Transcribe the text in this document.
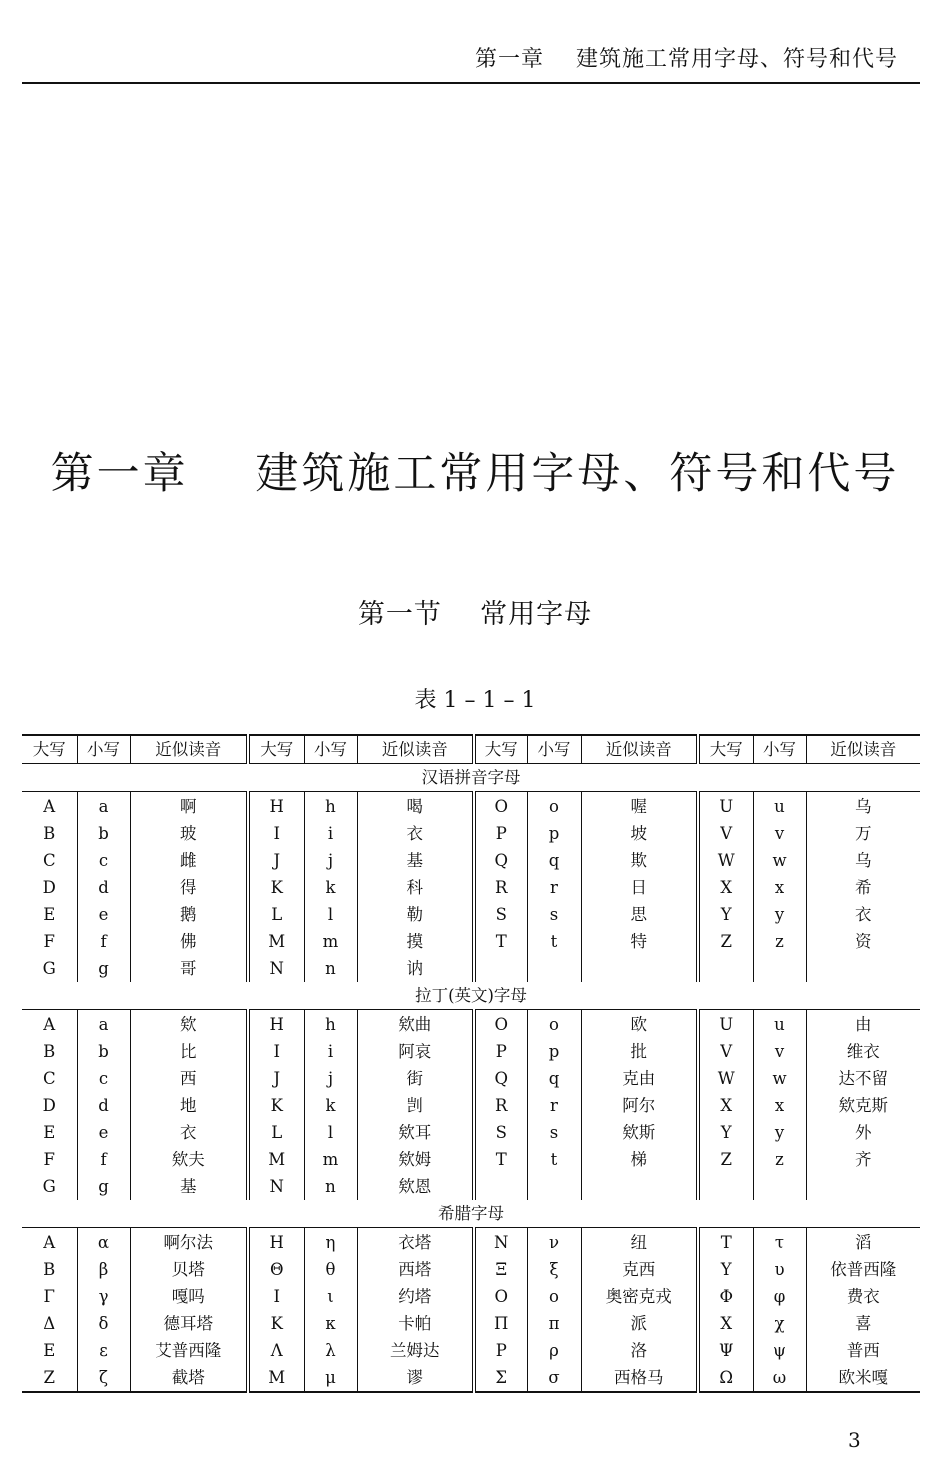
第一章    建筑施工常用字母、符号和代号
第一章    建筑施工常用字母、符号和代号
第一节    常用字母
表 1 – 1 – 1
大写	小写	近似读音	大写	小写	近似读音	大写	小写	近似读音	大写	小写	近似读音
汉语拼音字母											
A	a	啊	H	h	喝	O	o	喔	U	u	乌
B	b	玻	I	i	衣	P	p	坡	V	v	万
C	c	雌	J	j	基	Q	q	欺	W	w	乌
D	d	得	K	k	科	R	r	日	X	x	希
E	e	鹅	L	l	勒	S	s	思	Y	y	衣
F	f	佛	M	m	摸	T	t	特	Z	z	资
G	g	哥	N	n	讷						
拉丁(英文)字母											
A	a	欸	H	h	欸曲	O	o	欧	U	u	由
B	b	比	I	i	阿哀	P	p	批	V	v	维衣
C	c	西	J	j	街	Q	q	克由	W	w	达不留
D	d	地	K	k	剀	R	r	阿尔	X	x	欸克斯
E	e	衣	L	l	欸耳	S	s	欸斯	Y	y	外
F	f	欸夫	M	m	欸姆	T	t	梯	Z	z	齐
G	g	基	N	n	欸恩						
希腊字母											
A	α	啊尔法	H	η	衣塔	N	ν	纽	T	τ	滔
B	β	贝塔	Θ	θ	西塔	Ξ	ξ	克西	Υ	υ	依普西隆
Γ	γ	嘎吗	I	ι	约塔	O	o	奥密克戎	Φ	φ	费衣
Δ	δ	德耳塔	K	κ	卡帕	Π	π	派	X	χ	喜
E	ε	艾普西隆	Λ	λ	兰姆达	P	ρ	洛	Ψ	ψ	普西
Z	ζ	截塔	M	μ	谬	Σ	σ	西格马	Ω	ω	欧米嘎
3
